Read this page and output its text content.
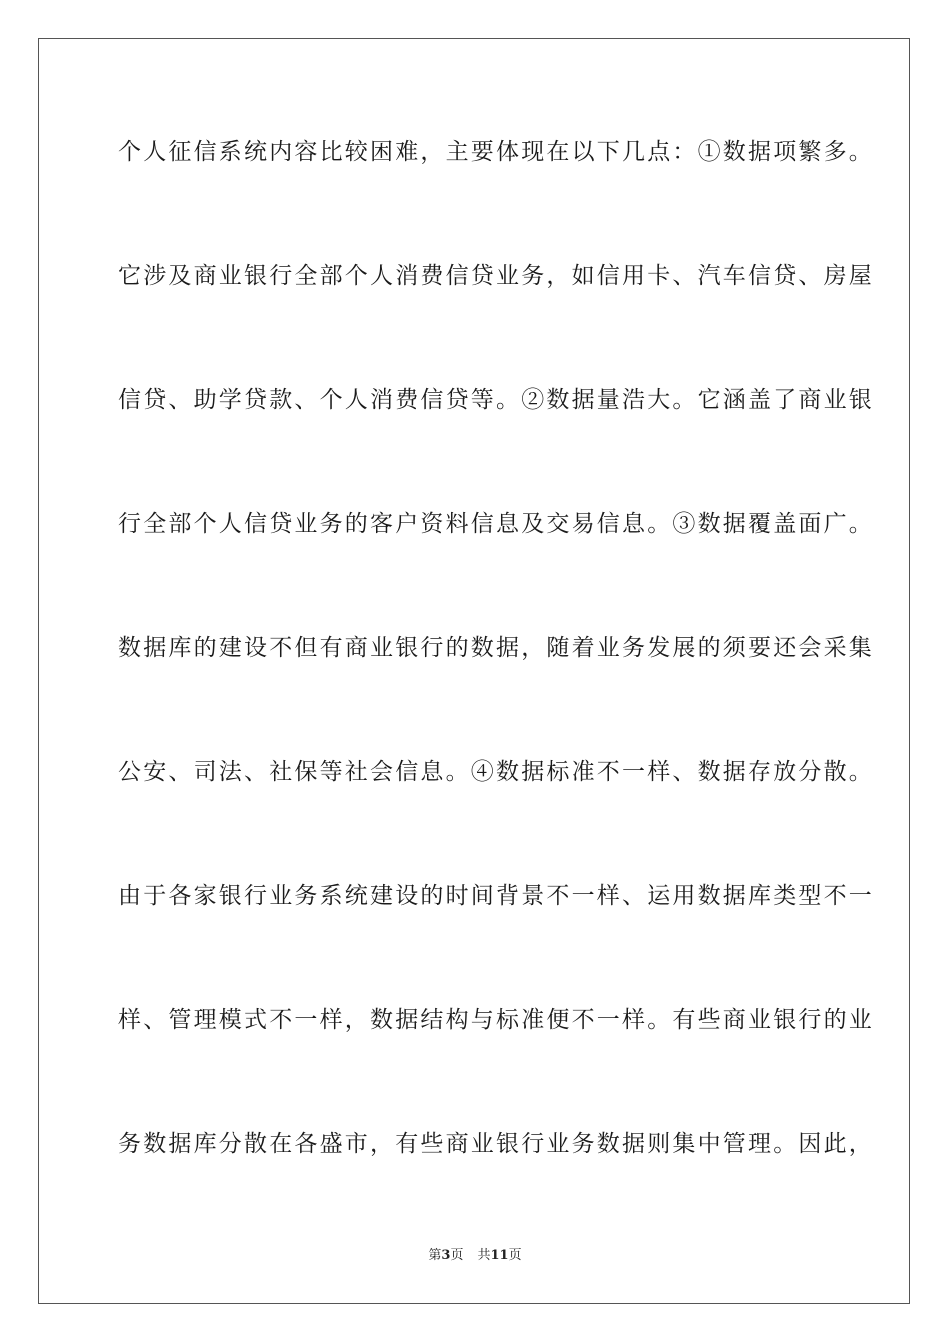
个人征信系统内容比较困难，主要体现在以下几点：①数据项繁多。
它涉及商业银行全部个人消费信贷业务，如信用卡、汽车信贷、房屋
信贷、助学贷款、个人消费信贷等。②数据量浩大。它涵盖了商业银
行全部个人信贷业务的客户资料信息及交易信息。③数据覆盖面广。
数据库的建设不但有商业银行的数据，随着业务发展的须要还会采集
公安、司法、社保等社会信息。④数据标准不一样、数据存放分散。
由于各家银行业务系统建设的时间背景不一样、运用数据库类型不一
样、管理模式不一样，数据结构与标准便不一样。有些商业银行的业
务数据库分散在各盛市，有些商业银行业务数据则集中管理。因此，
第3页 共11页
